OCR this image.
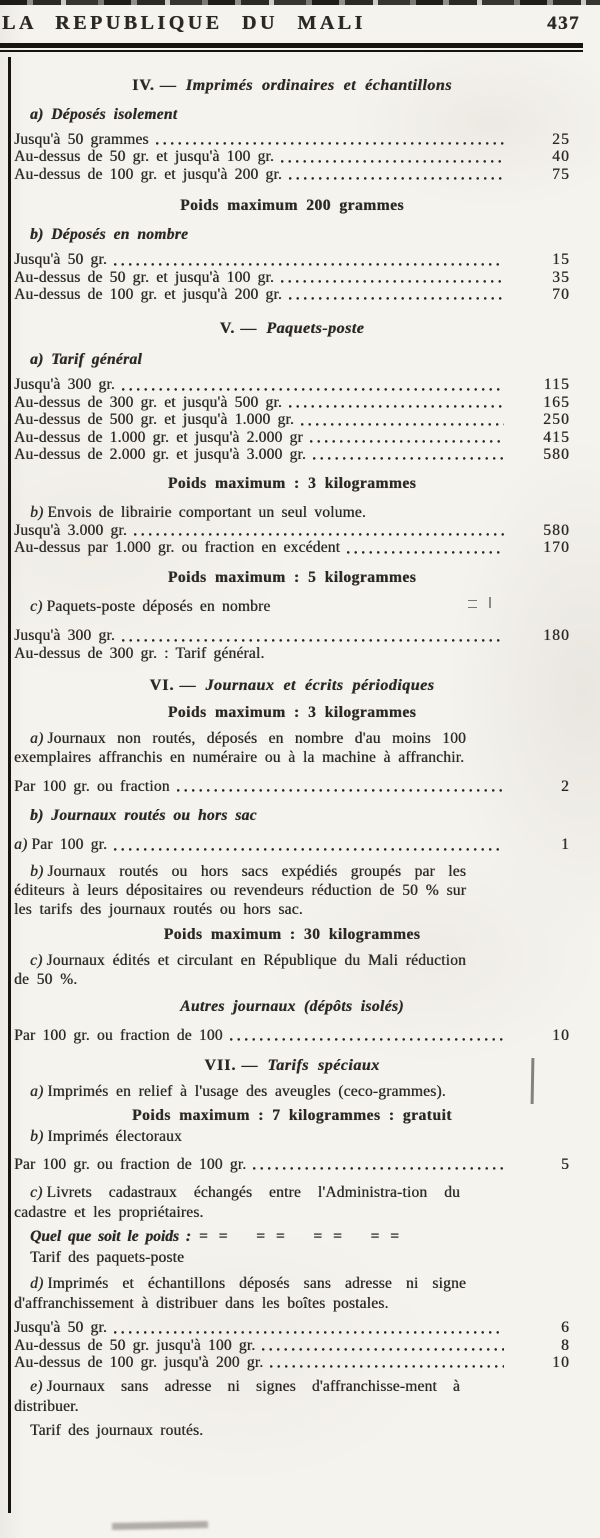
LA REPUBLIQUE DU MALI	437
IV. — Imprimés ordinaires et échantillons
a) Déposés isolement
Jusqu'à 50 grammes	25
Au-dessus de 50 gr. et jusqu'à 100 gr.	40
Au-dessus de 100 gr. et jusqu'à 200 gr.	75
Poids maximum 200 grammes
b) Déposés en nombre
Jusqu'à 50 gr.	15
Au-dessus de 50 gr. et jusqu'à 100 gr.	35
Au-dessus de 100 gr. et jusqu'à 200 gr.	70
V. — Paquets-poste
a) Tarif général
Jusqu'à 300 gr.	115
Au-dessus de 300 gr. et jusqu'à 500 gr.	165
Au-dessus de 500 gr. et jusqu'à 1.000 gr.	250
Au-dessus de 1.000 gr. et jusqu'à 2.000 gr	415
Au-dessus de 2.000 gr. et jusqu'à 3.000 gr.	580
Poids maximum : 3 kilogrammes
b) Envois de librairie comportant un seul volume.
Jusqu'à 3.000 gr.	580
Au-dessus par 1.000 gr. ou fraction en excédent	170
Poids maximum : 5 kilogrammes
c) Paquets-poste déposés en nombre
Jusqu'à 300 gr.	180
Au-dessus de 300 gr. : Tarif général.
VI. — Journaux et écrits périodiques
Poids maximum : 3 kilogrammes

a) Journaux non routés, déposés en nombre d'au moins 100 exemplaires affranchis en numéraire ou à la machine à affranchir.

Par 100 gr. ou fraction	2
b) Journaux routés ou hors sac
a) Par 100 gr.	1

b) Journaux routés ou hors sacs expédiés groupés par les éditeurs à leurs dépositaires ou revendeurs réduction de 50 % sur les tarifs des journaux routés ou hors sac.

Poids maximum : 30 kilogrammes

c) Journaux édités et circulant en République du Mali réduction de 50 %.

Autres journaux (dépôts isolés)
Par 100 gr. ou fraction de 100	10
VII. — Tarifs spéciaux

a) Imprimés en relief à l'usage des aveugles (ceco-grammes).

Poids maximum : 7 kilogrammes : gratuit
b) Imprimés électoraux
Par 100 gr. ou fraction de 100 gr.	5

c) Livrets cadastraux échangés entre l'Administra-tion du cadastre et les propriétaires.

Quel que soit le poids : = =   = =   = =   = =
Tarif des paquets-poste

d) Imprimés et échantillons déposés sans adresse ni signe d'affranchissement à distribuer dans les boîtes postales.

Jusqu'à 50 gr.	6
Au-dessus de 50 gr. jusqu'à 100 gr.	8
Au-dessus de 100 gr. jusqu'à 200 gr.	10

e) Journaux sans adresse ni signes d'affranchisse-ment à distribuer.

Tarif des journaux routés.
